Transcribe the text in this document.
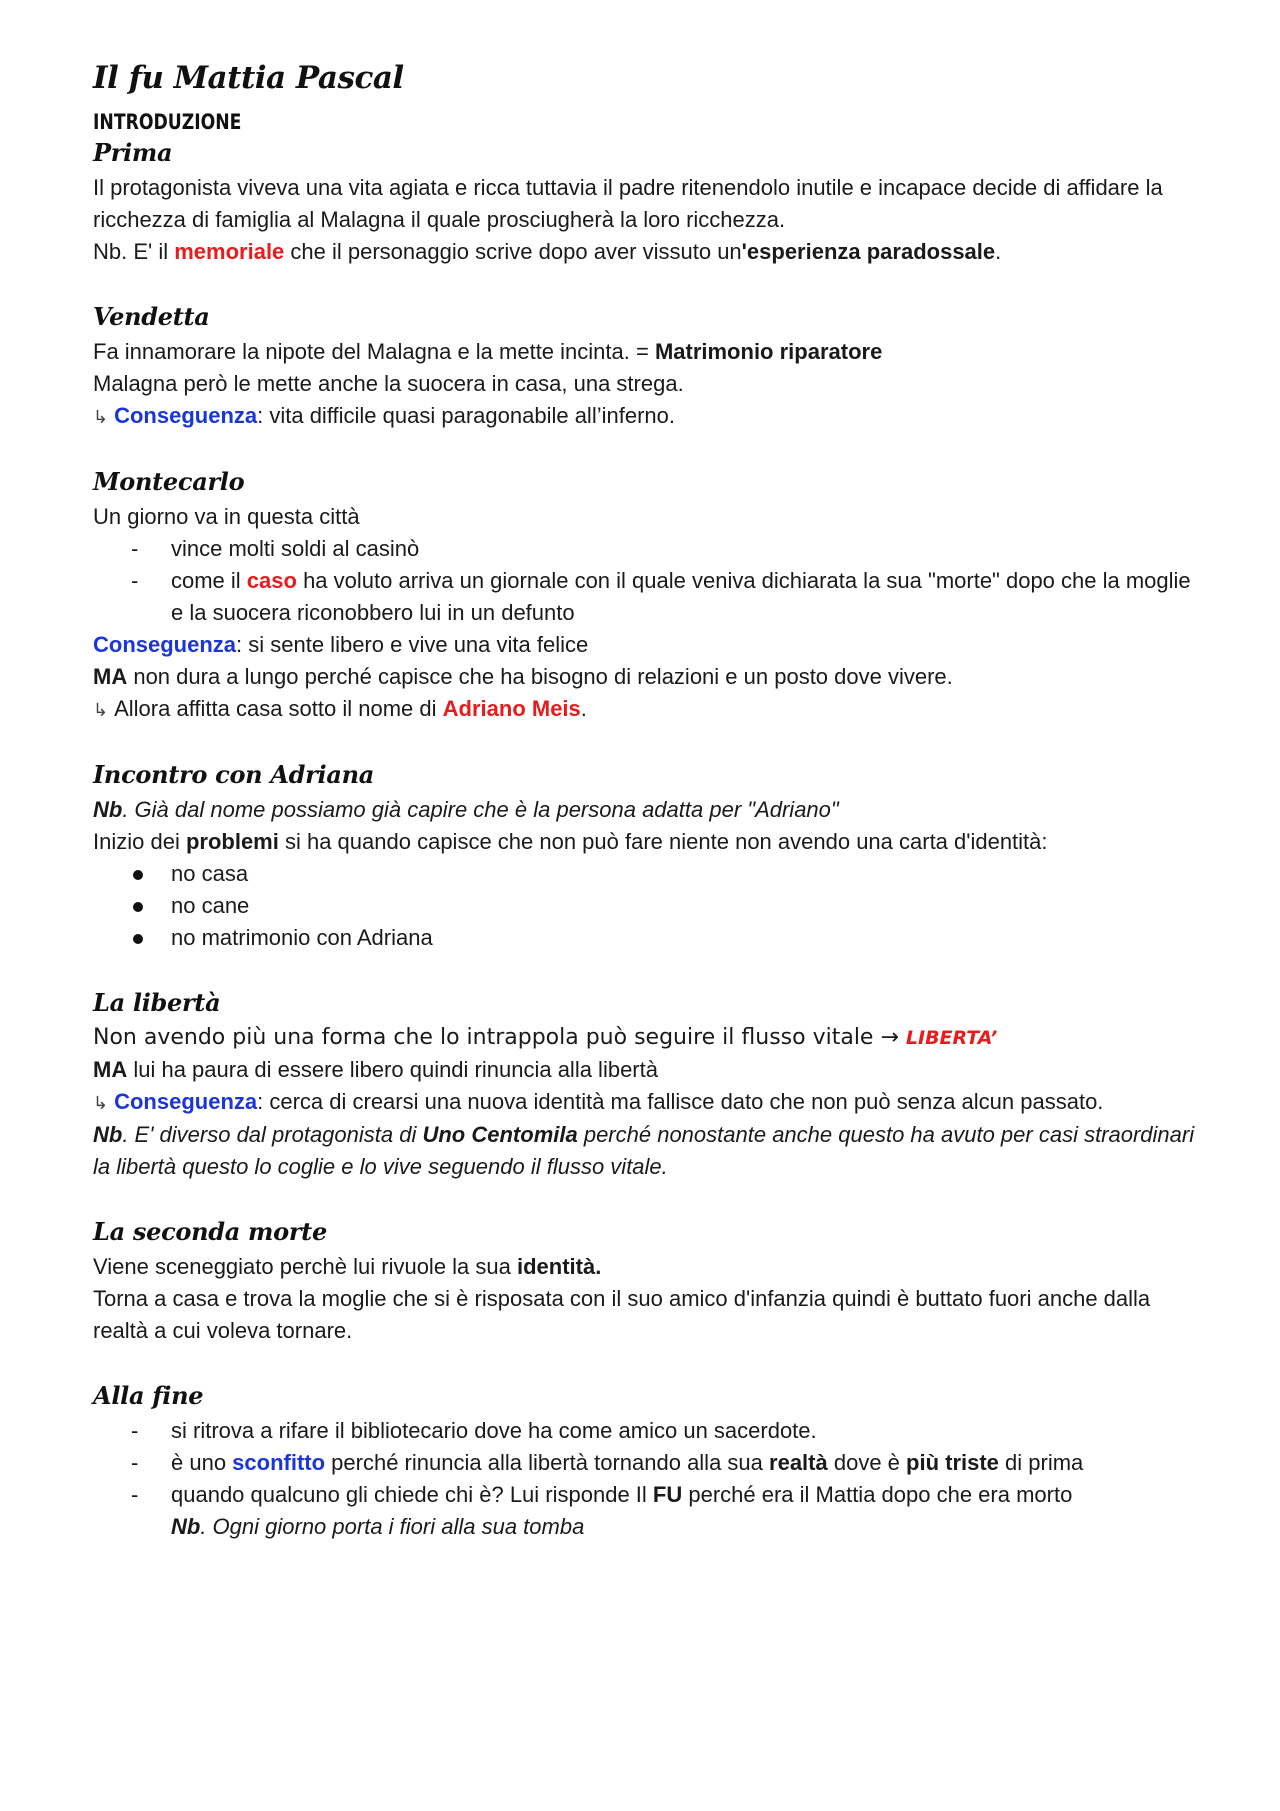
Il fu Mattia Pascal
INTRODUZIONE
Prima

Il protagonista viveva una vita agiata e ricca tuttavia il padre ritenendolo inutile e incapace decide di affidare la ricchezza di famiglia al Malagna il quale prosciugherà la loro ricchezza.

Nb. E' il memoriale che il personaggio scrive dopo aver vissuto un'esperienza paradossale.

Vendetta

Fa innamorare la nipote del Malagna e la mette incinta. = Matrimonio riparatore

Malagna però le mette anche la suocera in casa, una strega.

↳ Conseguenza: vita difficile quasi paragonabile all’inferno.

Montecarlo

Un giorno va in questa città

- vince molti soldi al casinò
- come il caso ha voluto arriva un giornale con il quale veniva dichiarata la sua "morte" dopo che la moglie e la suocera riconobbero lui in un defunto

Conseguenza: si sente libero e vive una vita felice

MA non dura a lungo perché capisce che ha bisogno di relazioni e un posto dove vivere.

↳ Allora affitta casa sotto il nome di Adriano Meis.

Incontro con Adriana

Nb. Già dal nome possiamo già capire che è la persona adatta per "Adriano"

Inizio dei problemi si ha quando capisce che non può fare niente non avendo una carta d'identità:

no casa
no cane
no matrimonio con Adriana
La libertà

Non avendo più una forma che lo intrappola può seguire il flusso vitale → LIBERTA’

MA lui ha paura di essere libero quindi rinuncia alla libertà

↳ Conseguenza: cerca di crearsi una nuova identità ma fallisce dato che non può senza alcun passato.

Nb. E' diverso dal protagonista di Uno Centomila perché nonostante anche questo ha avuto per casi straordinari la libertà questo lo coglie e lo vive seguendo il flusso vitale.

La seconda morte

Viene sceneggiato perchè lui rivuole la sua identità.

Torna a casa e trova la moglie che si è risposata con il suo amico d'infanzia quindi è buttato fuori anche dalla realtà a cui voleva tornare.

Alla fine
- si ritrova a rifare il bibliotecario dove ha come amico un sacerdote.
- è uno sconfitto perché rinuncia alla libertà tornando alla sua realtà dove è più triste di prima
- quando qualcuno gli chiede chi è? Lui risponde Il FU perché era il Mattia dopo che era morto
Nb. Ogni giorno porta i fiori alla sua tomba
